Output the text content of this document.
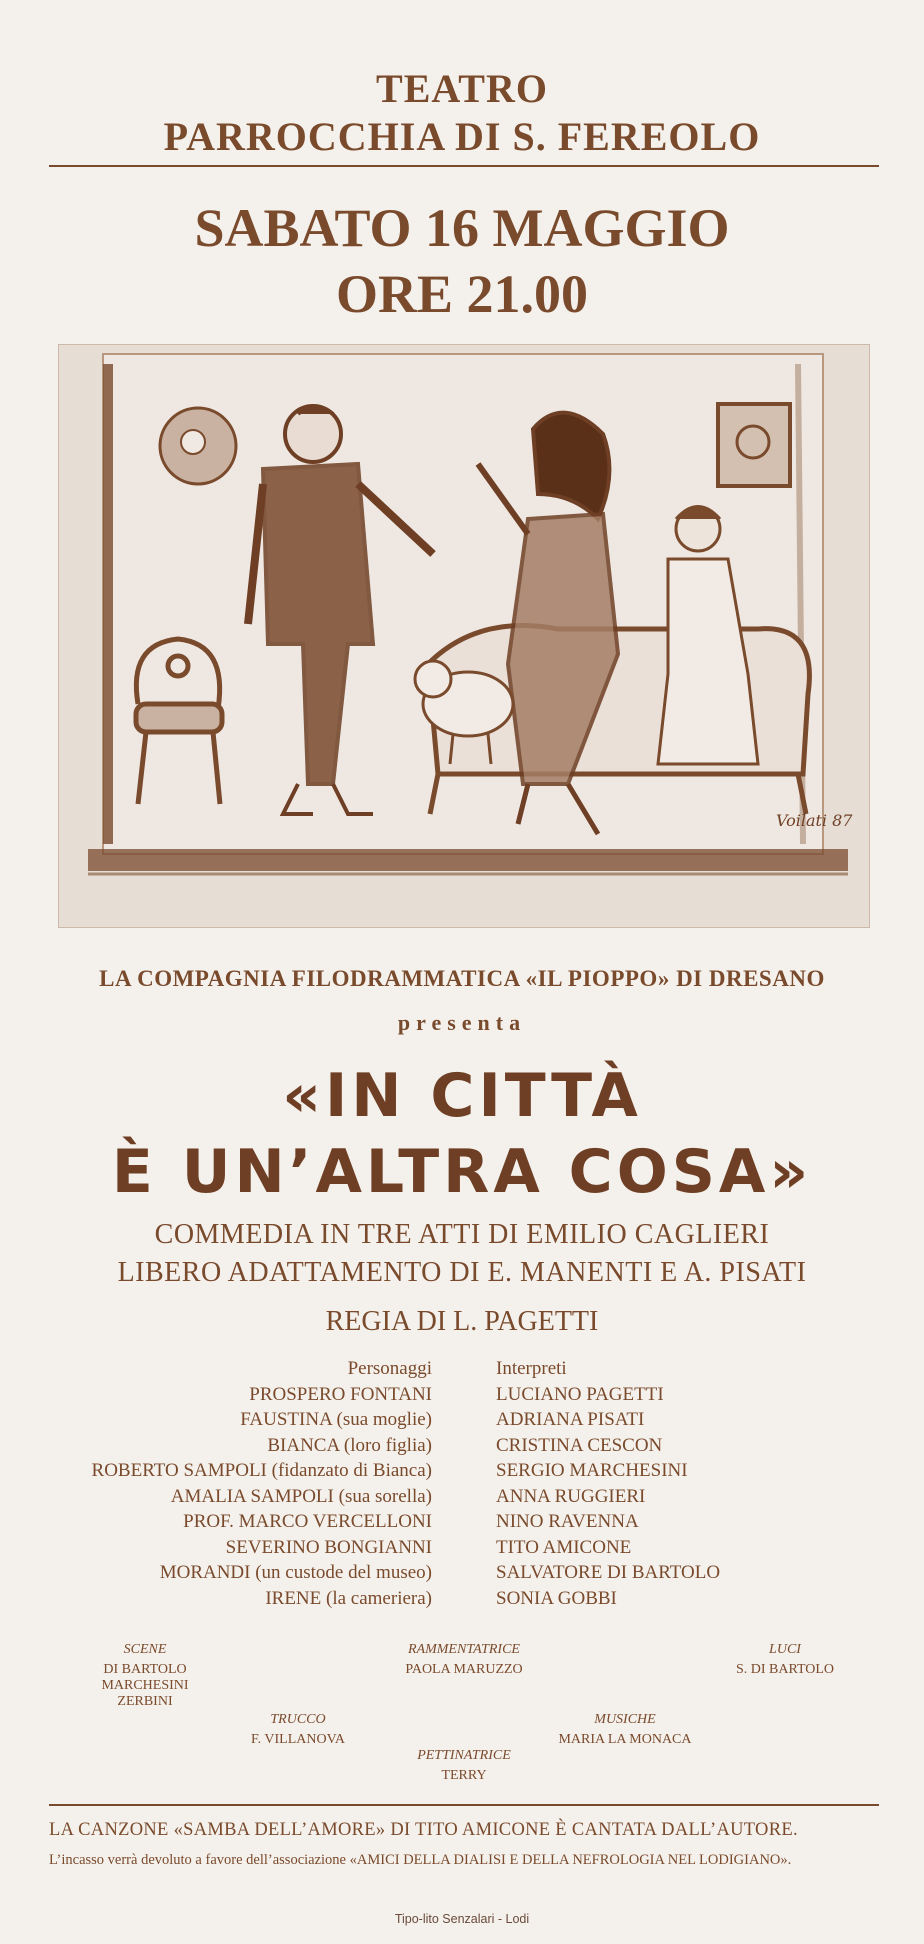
TEATRO
PARROCCHIA DI S. FEREOLO
SABATO 16 MAGGIO
ORE 21.00
Voilati 87
LA COMPAGNIA FILODRAMMATICA «IL PIOPPO» DI DRESANO
presenta
«IN CITTÀ
È UN’ALTRA COSA»
COMMEDIA IN TRE ATTI DI EMILIO CAGLIERI
LIBERO ADATTAMENTO DI E. MANENTI E A. PISATI
REGIA DI L. PAGETTI
Personaggi
PROSPERO FONTANI
FAUSTINA (sua moglie)
BIANCA (loro figlia)
ROBERTO SAMPOLI (fidanzato di Bianca)
AMALIA SAMPOLI (sua sorella)
PROF. MARCO VERCELLONI
SEVERINO BONGIANNI
MORANDI (un custode del museo)
IRENE (la cameriera)
Interpreti
LUCIANO PAGETTI
ADRIANA PISATI
CRISTINA CESCON
SERGIO MARCHESINI
ANNA RUGGIERI
NINO RAVENNA
TITO AMICONE
SALVATORE DI BARTOLO
SONIA GOBBI
SCENE
DI BARTOLO
MARCHESINI
ZERBINI
RAMMENTATRICE
PAOLA MARUZZO
LUCI
S. DI BARTOLO
TRUCCO
F. VILLANOVA
MUSICHE
MARIA LA MONACA
PETTINATRICE
TERRY
LA CANZONE «SAMBA DELL’AMORE» DI TITO AMICONE È CANTATA DALL’AUTORE.
L’incasso verrà devoluto a favore dell’associazione «AMICI DELLA DIALISI E DELLA NEFROLOGIA NEL LODIGIANO».
Tipo-lito Senzalari - Lodi
